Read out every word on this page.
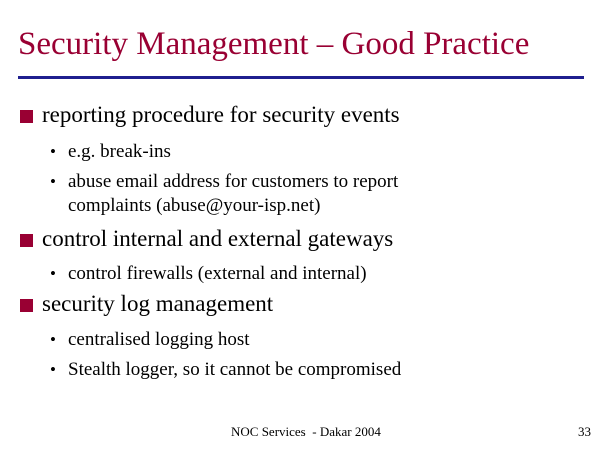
Security Management – Good Practice
reporting procedure for security events
• e.g. break-ins
• abuse email address for customers to report
complaints (abuse@your-isp.net)
control internal and external gateways
• control firewalls (external and internal)
security log management
• centralised logging host
• Stealth logger, so it cannot be compromised
NOC Services  - Dakar 2004	33
